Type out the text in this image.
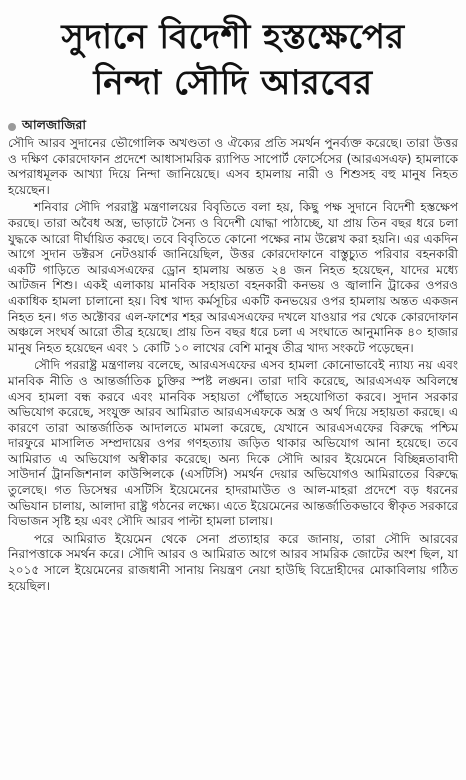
সুদানে বিদেশী হস্তক্ষেপের
নিন্দা সৌদি আরবের
আলজাজিরা

সৌদি আরব সুদানের ভৌগোলিক অখণ্ডতা ও ঐক্যের প্রতি সমর্থন পুনর্ব্যক্ত করেছে। তারা উত্তর ও দক্ষিণ কোরদোফান প্রদেশে আধাসামরিক র‍্যাপিড সাপোর্ট ফোর্সেসের (আরএসএফ) হামলাকে অপরাধমূলক আখ্যা দিয়ে নিন্দা জানিয়েছে। এসব হামলায় নারী ও শিশুসহ বহু মানুষ নিহত হয়েছেন।

শনিবার সৌদি পররাষ্ট্র মন্ত্রণালয়ের বিবৃতিতে বলা হয়, কিছু পক্ষ সুদানে বিদেশী হস্তক্ষেপ করছে। তারা অবৈধ অস্ত্র, ভাড়াটে সৈন্য ও বিদেশী যোদ্ধা পাঠাচ্ছে, যা প্রায় তিন বছর ধরে চলা যুদ্ধকে আরো দীর্ঘায়িত করছে। তবে বিবৃতিতে কোনো পক্ষের নাম উল্লেখ করা হয়নি। এর একদিন আগে সুদান ডক্টরস নেটওয়ার্ক জানিয়েছিল, উত্তর কোরদোফানে বাস্তুচ্যুত পরিবার বহনকারী একটি গাড়িতে আরএসএফের ড্রোন হামলায় অন্তত ২৪ জন নিহত হয়েছেন, যাদের মধ্যে আটজন শিশু। একই এলাকায় মানবিক সহায়তা বহনকারী কনভয় ও জ্বালানি ট্রাকের ওপরও একাধিক হামলা চালানো হয়। বিশ্ব খাদ্য কর্মসূচির একটি কনভয়ের ওপর হামলায় অন্তত একজন নিহত হন। গত অক্টোবর এল-ফাশের শহর আরএসএফের দখলে যাওয়ার পর থেকে কোরদোফান অঞ্চলে সংঘর্ষ আরো তীব্র হয়েছে। প্রায় তিন বছর ধরে চলা এ সংঘাতে আনুমানিক ৪০ হাজার মানুষ নিহত হয়েছেন এবং ১ কোটি ১০ লাখের বেশি মানুষ তীব্র খাদ্য সংকটে পড়েছেন।

সৌদি পররাষ্ট্র মন্ত্রণালয় বলেছে, আরএসএফের এসব হামলা কোনোভাবেই ন্যায্য নয় এবং মানবিক নীতি ও আন্তর্জাতিক চুক্তির স্পষ্ট লঙ্ঘন। তারা দাবি করেছে, আরএসএফ অবিলম্বে এসব হামলা বন্ধ করবে এবং মানবিক সহায়তা পৌঁছাতে সহযোগিতা করবে। সুদান সরকার অভিযোগ করেছে, সংযুক্ত আরব আমিরাত আরএসএফকে অস্ত্র ও অর্থ দিয়ে সহায়তা করছে। এ কারণে তারা আন্তর্জাতিক আদালতে মামলা করেছে, যেখানে আরএসএফের বিরুদ্ধে পশ্চিম দারফুরে মাসালিত সম্প্রদায়ের ওপর গণহত্যায় জড়িত থাকার অভিযোগ আনা হয়েছে। তবে আমিরাত এ অভিযোগ অস্বীকার করেছে। অন্য দিকে সৌদি আরব ইয়েমেনে বিচ্ছিন্নতাবাদী সাউদার্ন ট্রানজিশনাল কাউন্সিলকে (এসটিসি) সমর্থন দেয়ার অভিযোগও আমিরাতের বিরুদ্ধে তুলেছে। গত ডিসেম্বর এসটিসি ইয়েমেনের হাদরামাউত ও আল-মাহরা প্রদেশে বড় ধরনের অভিযান চালায়, আলাদা রাষ্ট্র গঠনের লক্ষ্যে। এতে ইয়েমেনের আন্তর্জাতিকভাবে স্বীকৃত সরকারে বিভাজন সৃষ্টি হয় এবং সৌদি আরব পাল্টা হামলা চালায়।

পরে আমিরাত ইয়েমেন থেকে সেনা প্রত্যাহার করে জানায়, তারা সৌদি আরবের নিরাপত্তাকে সমর্থন করে। সৌদি আরব ও আমিরাত আগে আরব সামরিক জোটের অংশ ছিল, যা ২০১৫ সালে ইয়েমেনের রাজধানী সানায় নিয়ন্ত্রণ নেয়া হাউছি বিদ্রোহীদের মোকাবিলায় গঠিত হয়েছিল।
